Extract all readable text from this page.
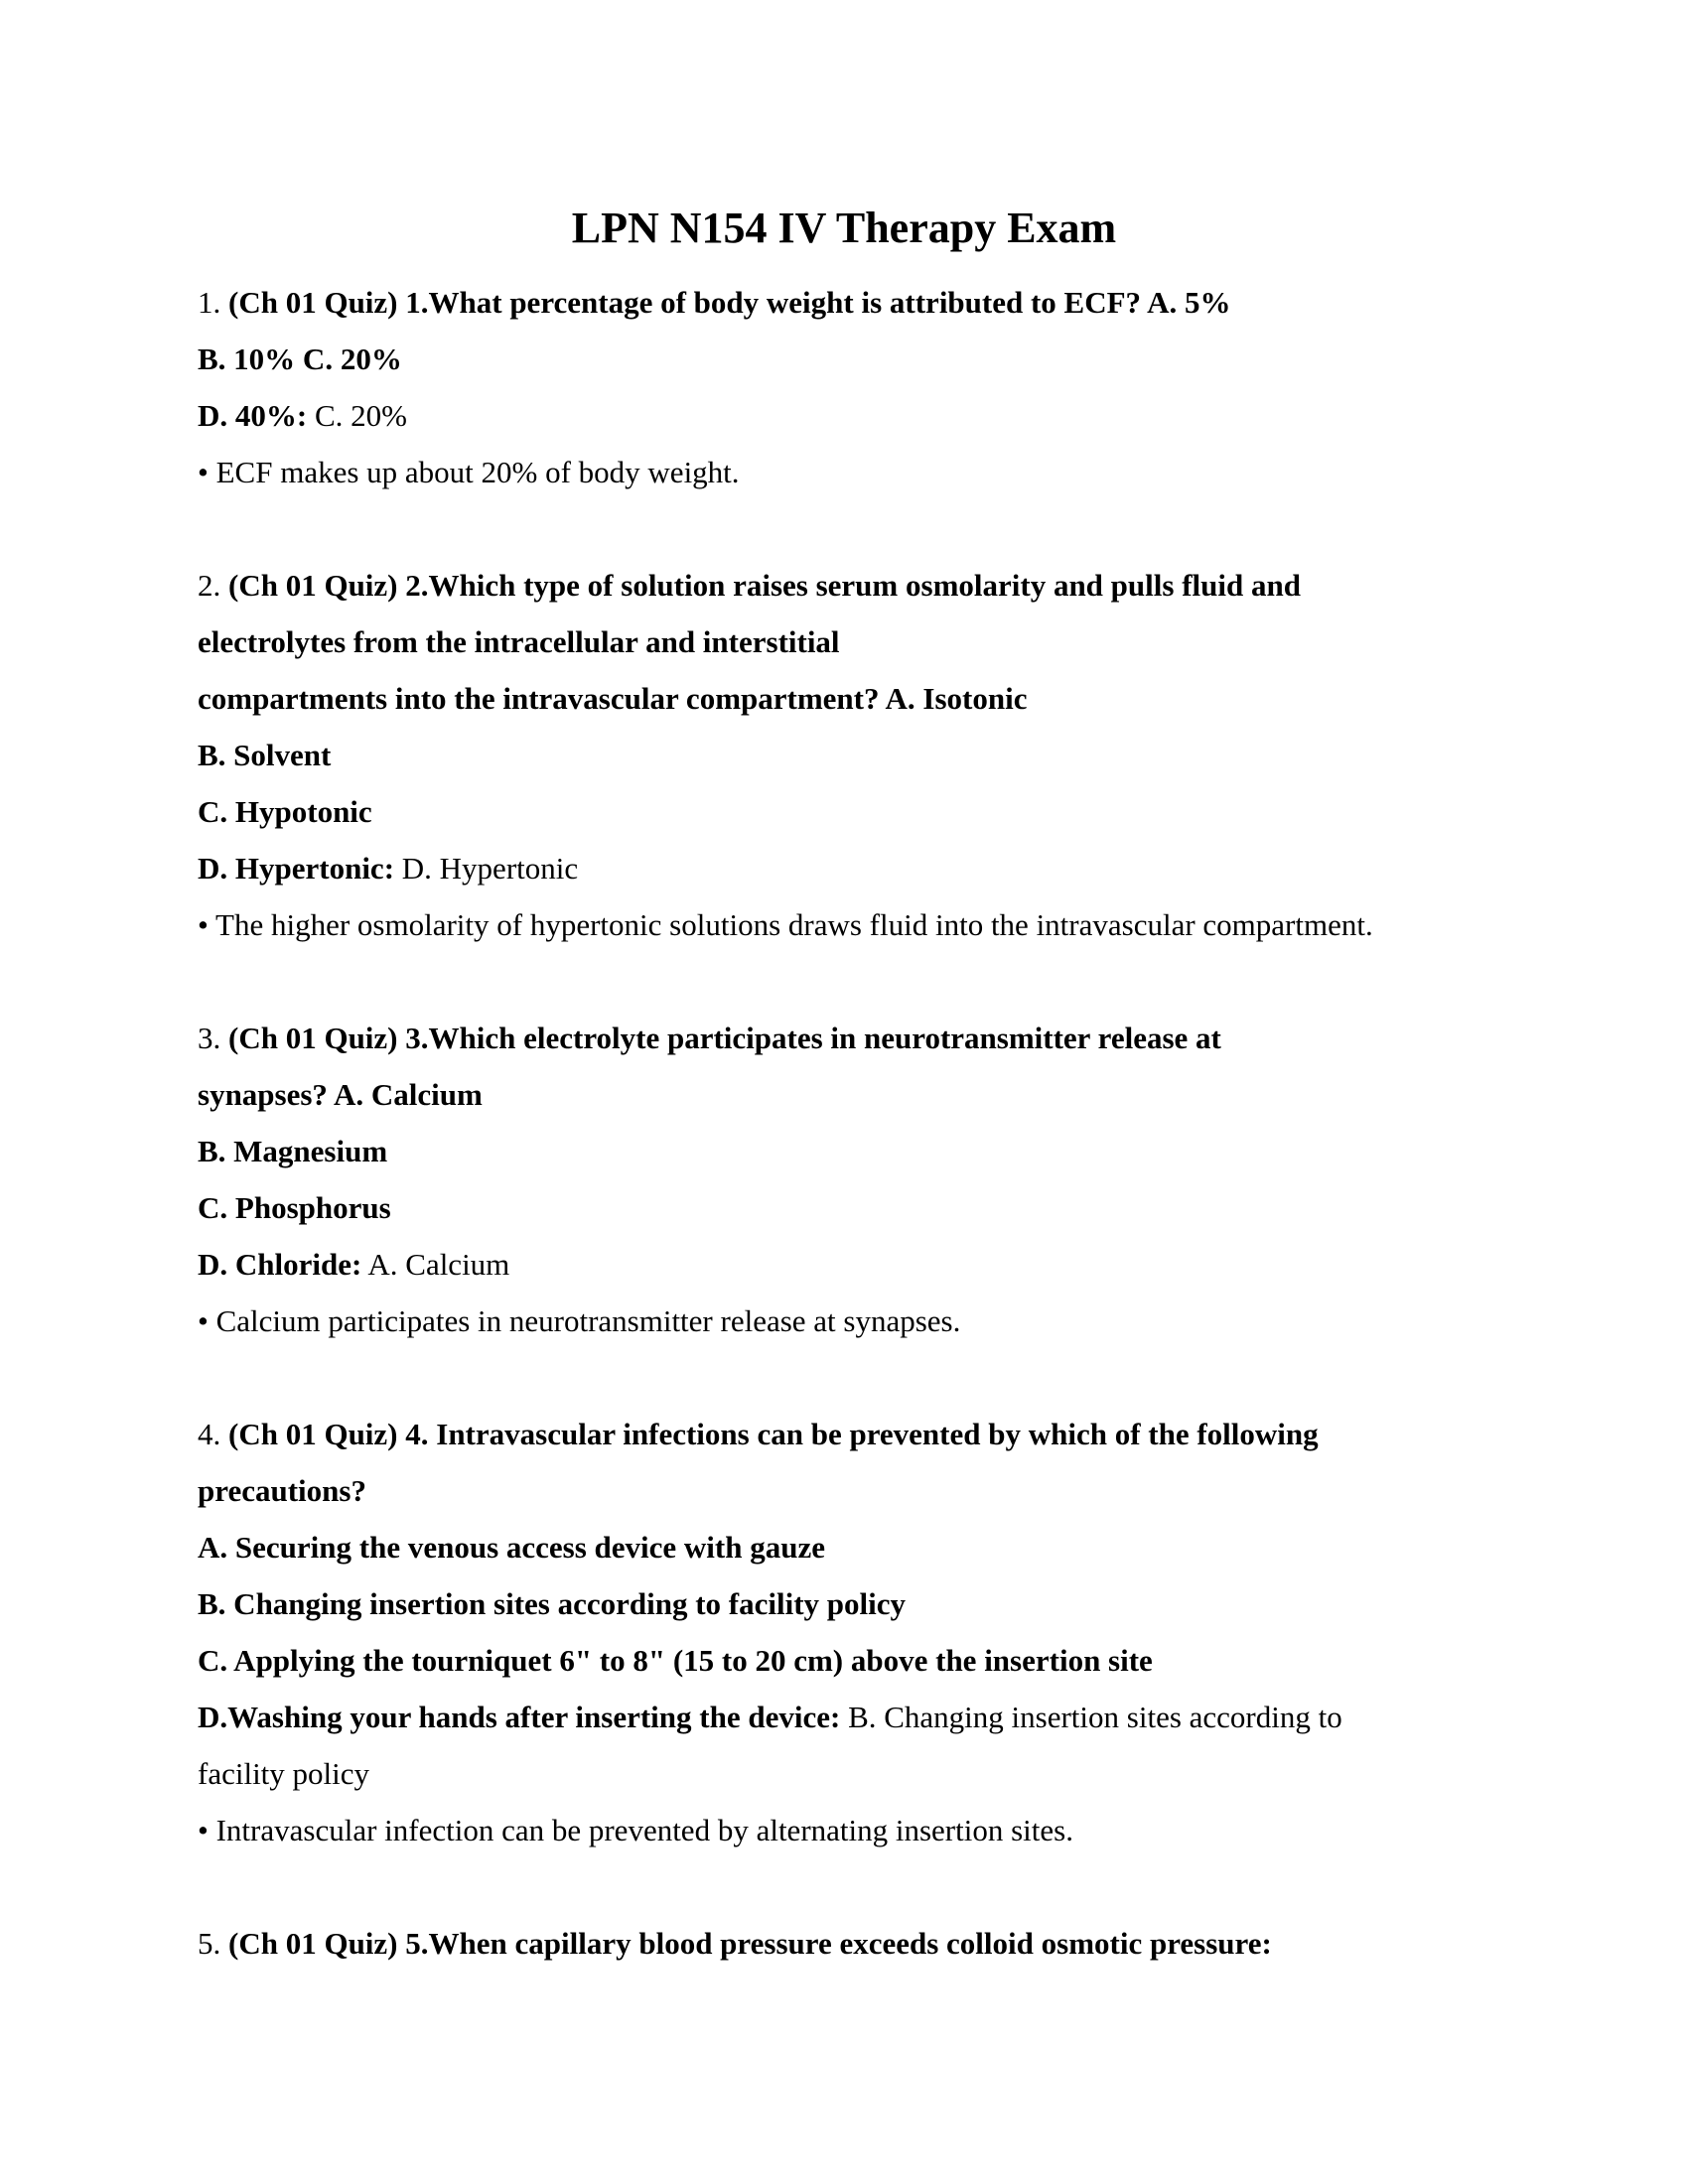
LPN N154 IV Therapy Exam
1. (Ch 01 Quiz) 1.What percentage of body weight is attributed to ECF? A. 5%
B. 10% C. 20%
D. 40%: C. 20%
• ECF makes up about 20% of body weight.
2. (Ch 01 Quiz) 2.Which type of solution raises serum osmolarity and pulls fluid and
electrolytes from the intracellular and interstitial
compartments into the intravascular compartment? A. Isotonic
B. Solvent
C. Hypotonic
D. Hypertonic: D. Hypertonic
• The higher osmolarity of hypertonic solutions draws fluid into the intravascular compartment.
3. (Ch 01 Quiz) 3.Which electrolyte participates in neurotransmitter release at
synapses? A. Calcium
B. Magnesium
C. Phosphorus
D. Chloride: A. Calcium
• Calcium participates in neurotransmitter release at synapses.
4. (Ch 01 Quiz) 4. Intravascular infections can be prevented by which of the following
precautions?
A. Securing the venous access device with gauze
B. Changing insertion sites according to facility policy
C. Applying the tourniquet 6" to 8" (15 to 20 cm) above the insertion site
D.Washing your hands after inserting the device: B. Changing insertion sites according to
facility policy
• Intravascular infection can be prevented by alternating insertion sites.
5. (Ch 01 Quiz) 5.When capillary blood pressure exceeds colloid osmotic pressure:
